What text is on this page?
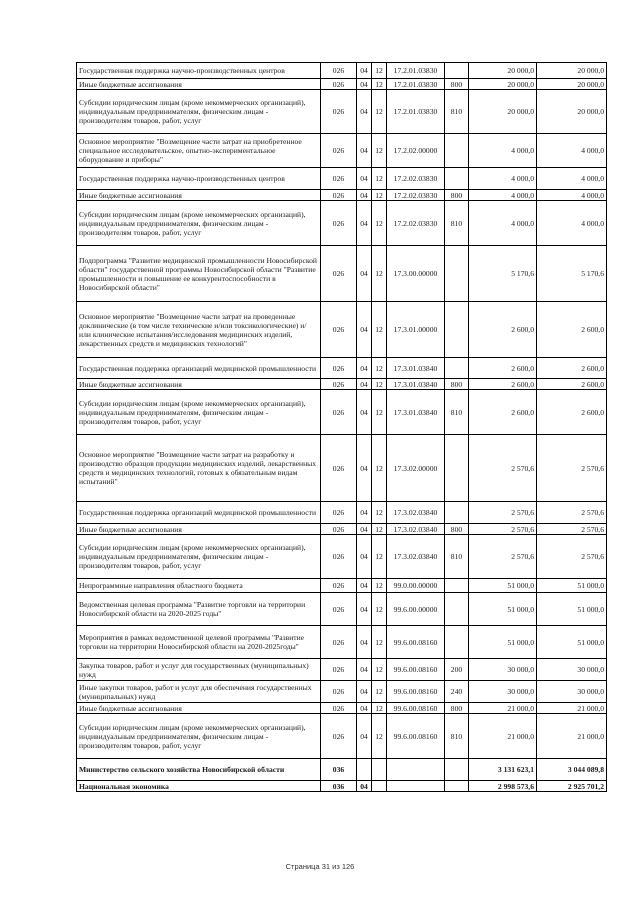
Государственная поддержка научно-производственных центров	026	04	12	17.2.01.03830		20 000,0	20 000,0
Иные бюджетные ассигнования	026	04	12	17.2.01.03830	800	20 000,0	20 000,0
Субсидии юридическим лицам (кроме некоммерческих организаций), индивидуальным предпринимателям, физическим лицам - производителям товаров, работ, услуг	026	04	12	17.2.01.03830	810	20 000,0	20 000,0
Основное мероприятие "Возмещение части затрат на приобретенное специальное исследовательское, опытно-экспериментальное оборудование и приборы"	026	04	12	17.2.02.00000		4 000,0	4 000,0
Государственная поддержка научно-производственных центров	026	04	12	17.2.02.03830		4 000,0	4 000,0
Иные бюджетные ассигнования	026	04	12	17.2.02.03830	800	4 000,0	4 000,0
Субсидии юридическим лицам (кроме некоммерческих организаций), индивидуальным предпринимателям, физическим лицам - производителям товаров, работ, услуг	026	04	12	17.2.02.03830	810	4 000,0	4 000,0
Подпрограмма "Развитие медицинской промышленности Новосибирской области" государственной программы Новосибирской области "Развитие промышленности и повышение ее конкурентоспособности в Новосибирской области"	026	04	12	17.3.00.00000		5 170,6	5 170,6
Основное мероприятие "Возмещение части затрат на проведенные доклинические (в том числе технические и/или токсикологические) и/или клинические испытания/исследования медицинских изделий, лекарственных средств и медицинских технологий"	026	04	12	17.3.01.00000		2 600,0	2 600,0
Государственная поддержка организаций медицинской промышленности	026	04	12	17.3.01.03840		2 600,0	2 600,0
Иные бюджетные ассигнования	026	04	12	17.3.01.03840	800	2 600,0	2 600,0
Субсидии юридическим лицам (кроме некоммерческих организаций), индивидуальным предпринимателям, физическим лицам - производителям товаров, работ, услуг	026	04	12	17.3.01.03840	810	2 600,0	2 600,0
Основное мероприятие "Возмещение части затрат на разработку и производство образцов продукции медицинских изделий, лекарственных средств и медицинских технологий, готовых к обязательным видам испытаний"	026	04	12	17.3.02.00000		2 570,6	2 570,6
Государственная поддержка организаций медицинской промышленности	026	04	12	17.3.02.03840		2 570,6	2 570,6
Иные бюджетные ассигнования	026	04	12	17.3.02.03840	800	2 570,6	2 570,6
Субсидии юридическим лицам (кроме некоммерческих организаций), индивидуальным предпринимателям, физическим лицам - производителям товаров, работ, услуг	026	04	12	17.3.02.03840	810	2 570,6	2 570,6
Непрограммные направления областного бюджета	026	04	12	99.0.00.00000		51 000,0	51 000,0
Ведомственная целевая программа "Развитие торговли на территории Новосибирской области на 2020-2025 годы"	026	04	12	99.6.00.00000		51 000,0	51 000,0
Мероприятия в рамках ведомственной целевой программы "Развитие торговли на территории Новосибирской области на 2020-2025годы"	026	04	12	99.6.00.08160		51 000,0	51 000,0
Закупка товаров, работ и услуг для государственных (муниципальных) нужд	026	04	12	99.6.00.08160	200	30 000,0	30 000,0
Иные закупки товаров, работ и услуг для обеспечения государственных (муниципальных) нужд	026	04	12	99.6.00.08160	240	30 000,0	30 000,0
Иные бюджетные ассигнования	026	04	12	99.6.00.08160	800	21 000,0	21 000,0
Субсидии юридическим лицам (кроме некоммерческих организаций), индивидуальным предпринимателям, физическим лицам - производителям товаров, работ, услуг	026	04	12	99.6.00.08160	810	21 000,0	21 000,0
Министерство сельского хозяйства Новосибирской области	036					3 131 623,1	3 044 089,8
Национальная экономика	036	04				2 998 573,6	2 925 701,2
Страница 31 из 126
